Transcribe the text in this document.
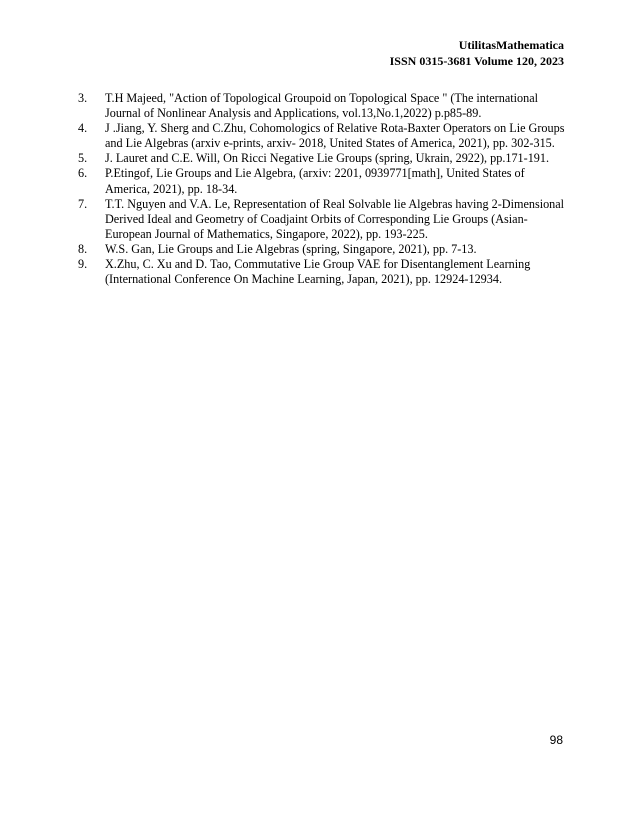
UtilitasMathematica
ISSN 0315-3681 Volume 120, 2023
3.	T.H Majeed, "Action of Topological Groupoid on Topological Space " (The international Journal of Nonlinear Analysis and Applications, vol.13,No.1,2022) p.p85-89.
4.	J .Jiang, Y. Sherg and C.Zhu, Cohomologics of Relative Rota-Baxter Operators on Lie Groups and Lie Algebras (arxiv e-prints, arxiv- 2018, United States of America, 2021), pp. 302-315.
5.	J. Lauret and C.E. Will, On Ricci Negative Lie Groups (spring, Ukrain, 2922), pp.171-191.
6.	P.Etingof, Lie Groups and Lie Algebra, (arxiv: 2201, 0939771[math], United States of America, 2021), pp. 18-34.
7.	T.T. Nguyen and V.A. Le, Representation of Real Solvable lie Algebras having 2-Dimensional Derived Ideal and Geometry of Coadjaint Orbits of Corresponding Lie Groups (Asian-European Journal of Mathematics, Singapore, 2022), pp. 193-225.
8.	W.S. Gan, Lie Groups and Lie Algebras (spring, Singapore, 2021), pp. 7-13.
9.	X.Zhu, C. Xu and D. Tao, Commutative Lie Group VAE for Disentanglement Learning (International Conference On Machine Learning, Japan, 2021), pp. 12924-12934.
98
